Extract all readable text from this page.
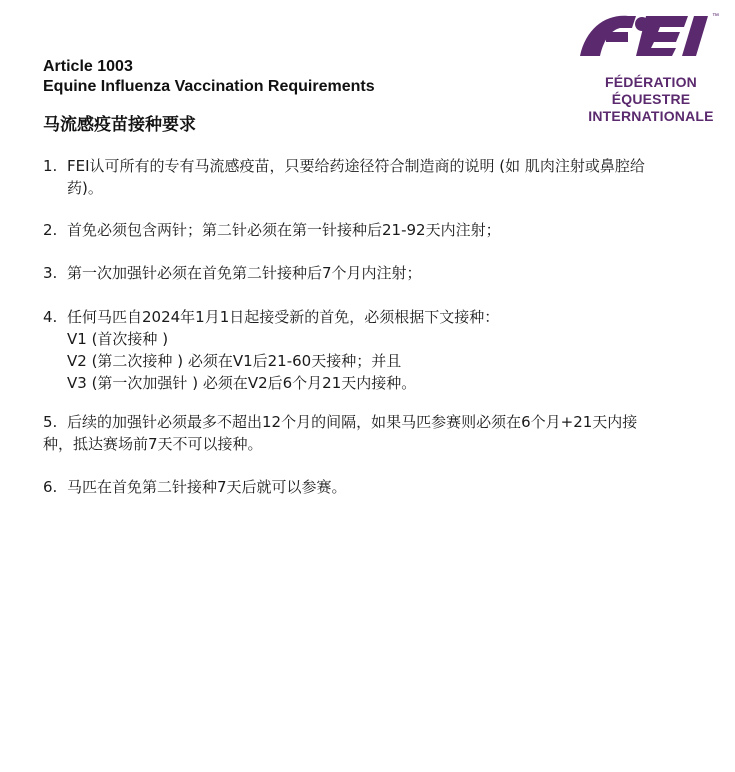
™
FÉDÉRATION
ÉQUESTRE
INTERNATIONALE
Article 1003
Equine Influenza Vaccination Requirements
马流感疫苗接种要求
1. FEI认可所有的专有马流感疫苗，只要给药途径符合制造商的说明 (如 肌肉注射或鼻腔给
药)。
2. 首免必须包含两针；第二针必须在第一针接种后21-92天内注射；
3. 第一次加强针必须在首免第二针接种后7个月内注射；
4. 任何马匹自2024年1月1日起接受新的首免，必须根据下文接种：
V1 (首次接种 )
V2 (第二次接种 ) 必须在V1后21-60天接种；并且
V3 (第一次加强针 ) 必须在V2后6个月21天内接种。
5. 后续的加强针必须最多不超出12个月的间隔，如果马匹参赛则必须在6个月+21天内接
种，抵达赛场前7天不可以接种。
6. 马匹在首免第二针接种7天后就可以参赛。
